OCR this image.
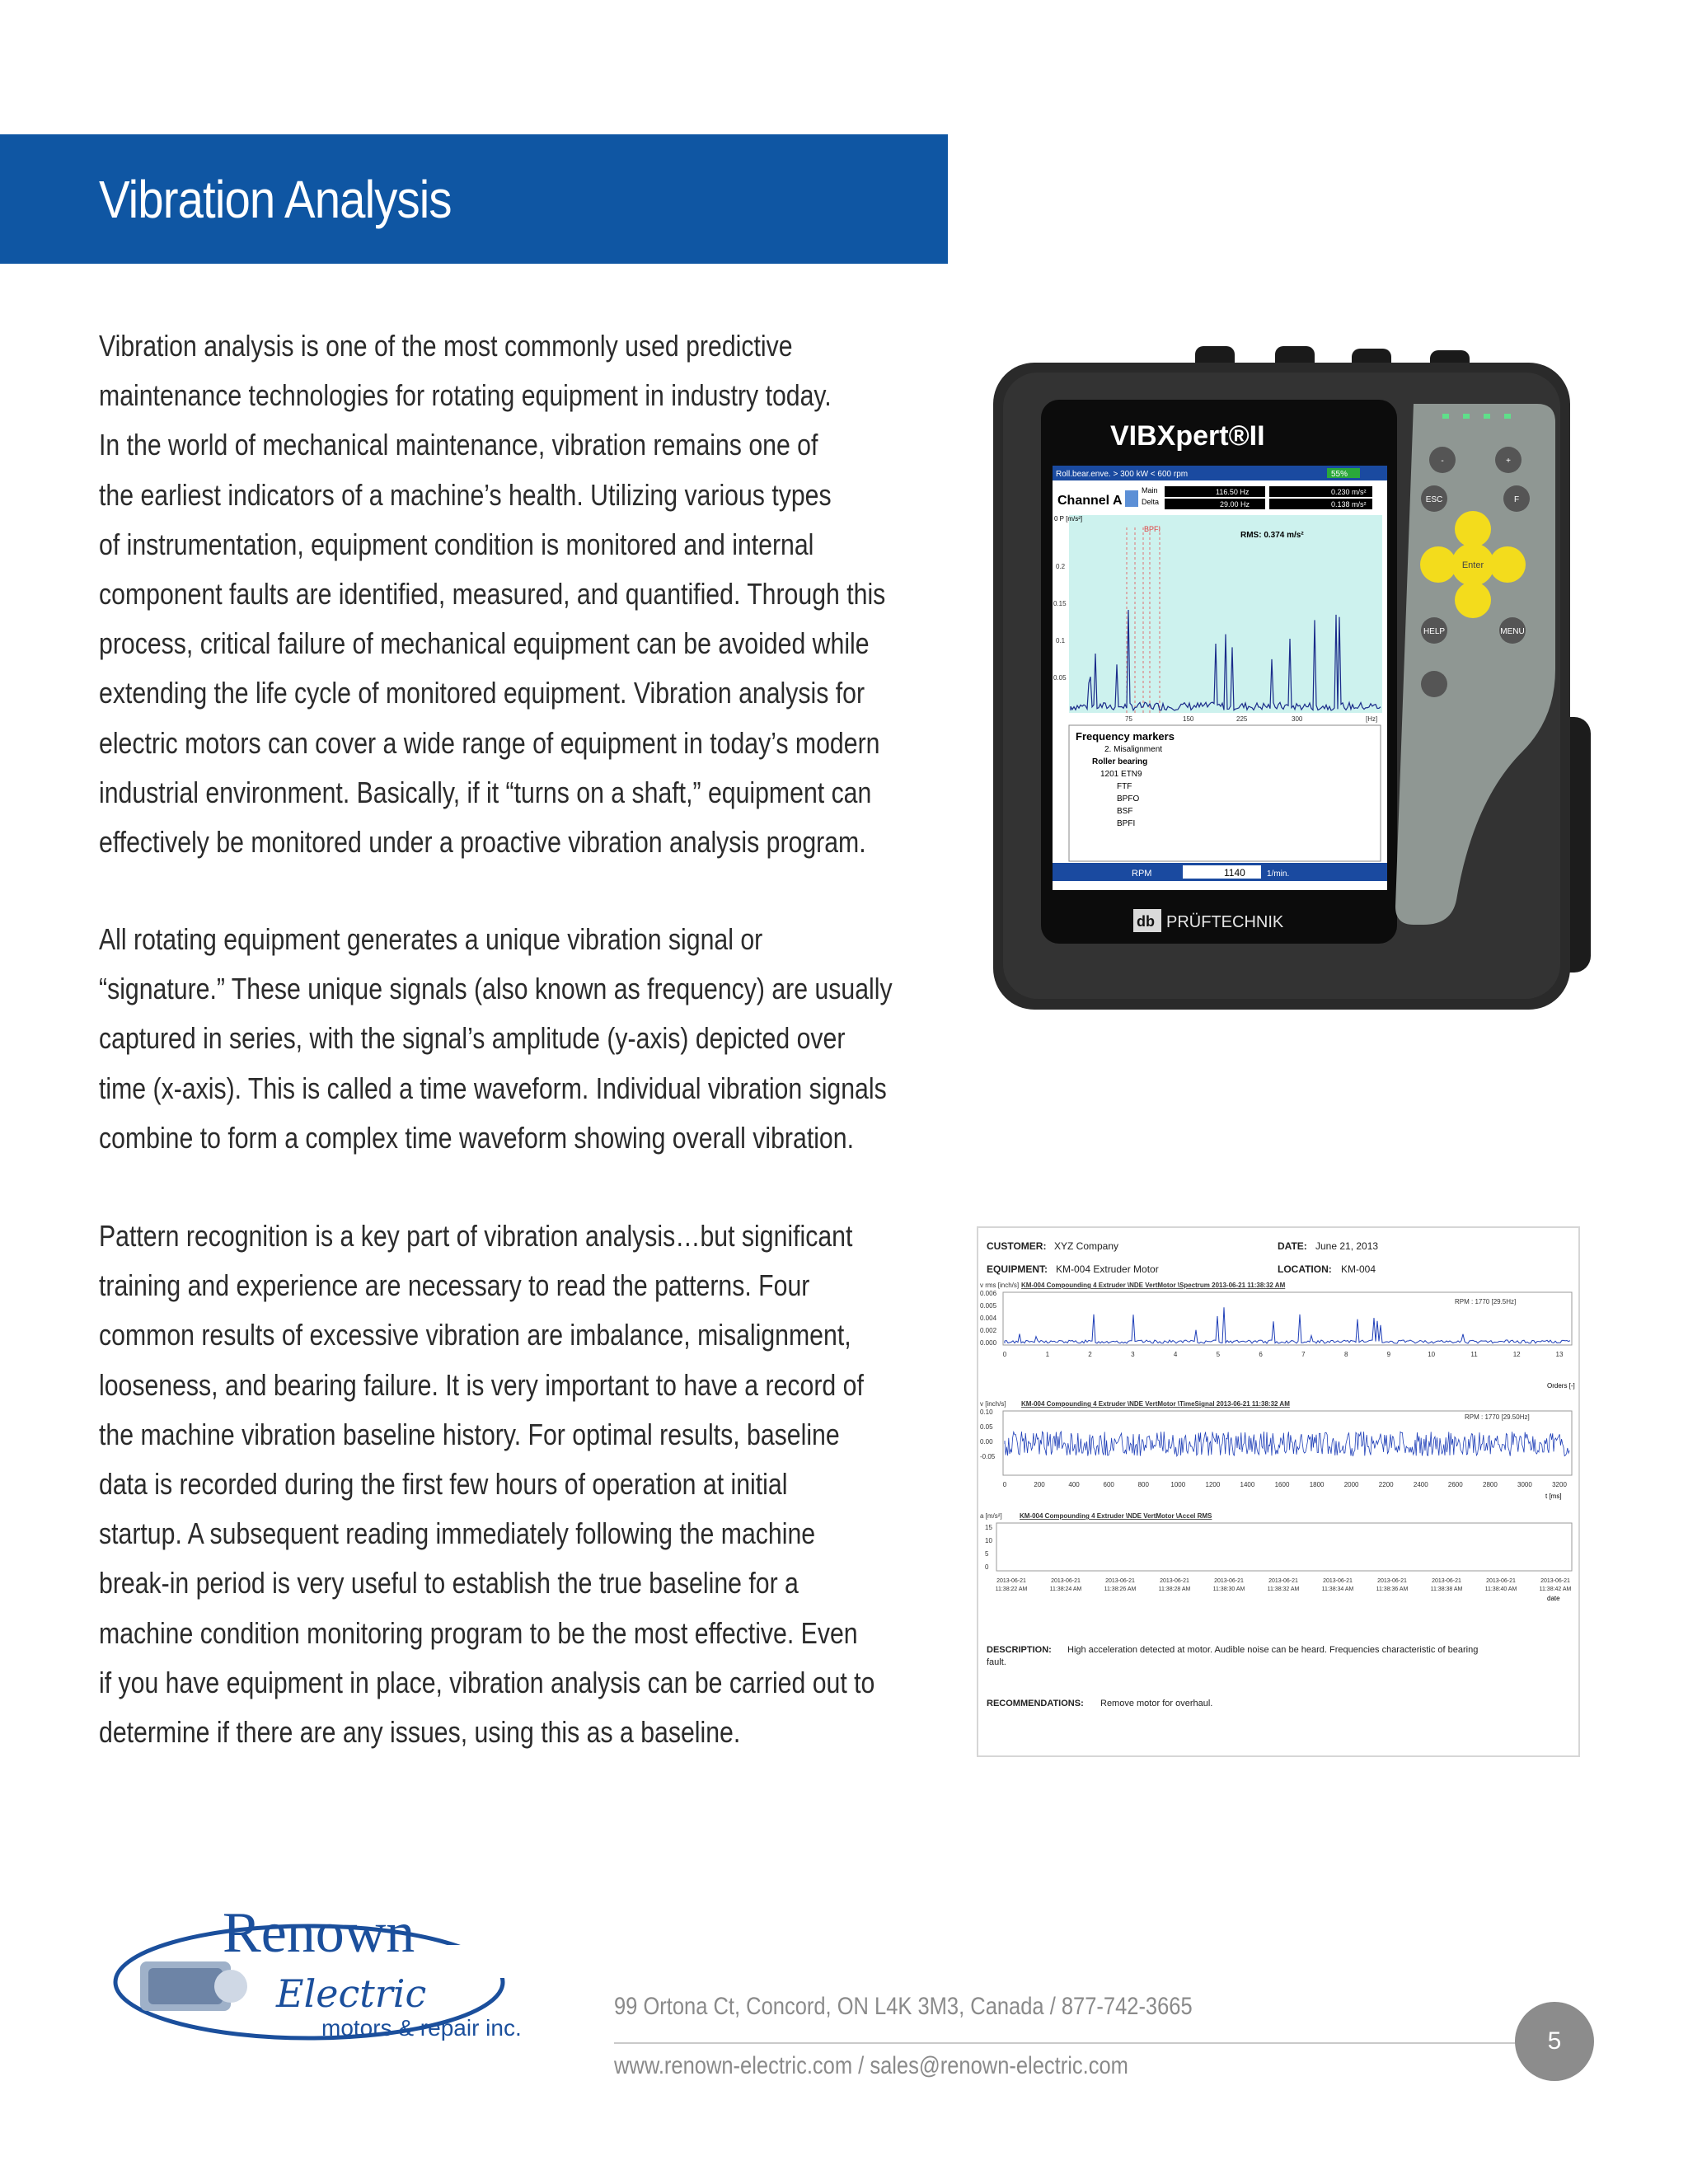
Vibration Analysis

Vibration analysis is one of the most commonly used predictive
maintenance technologies for rotating equipment in industry today.
In the world of mechanical maintenance, vibration remains one of
the earliest indicators of a machine’s health. Utilizing various types
of instrumentation, equipment condition is monitored and internal
component faults are identified, measured, and quantified. Through this
process, critical failure of mechanical equipment can be avoided while
extending the life cycle of monitored equipment. Vibration analysis for
electric motors can cover a wide range of equipment in today’s modern
industrial environment. Basically, if it “turns on a shaft,” equipment can
effectively be monitored under a proactive vibration analysis program.

All rotating equipment generates a unique vibration signal or
“signature.” These unique signals (also known as frequency) are usually
captured in series, with the signal’s amplitude (y-axis) depicted over
time (x-axis). This is called a time waveform. Individual vibration signals
combine to form a complex time waveform showing overall vibration.

Pattern recognition is a key part of vibration analysis…but significant
training and experience are necessary to read the patterns. Four
common results of excessive vibration are imbalance, misalignment,
looseness, and bearing failure. It is very important to have a record of
the machine vibration baseline history. For optimal results, baseline
data is recorded during the first few hours of operation at initial
startup. A subsequent reading immediately following the machine
break-in period is very useful to establish the true baseline for a
machine condition monitoring program to be the most effective. Even
if you have equipment in place, vibration analysis can be carried out to
determine if there are any issues, using this as a baseline.

VIBXpert®II
Roll.bear.enve. > 300 kW < 600 rpm	55%
Channel A
Main
Delta
116.50 Hz
29.00 Hz
0.230 m/s²
0.138 m/s²
0 P [m/s²]
RMS: 0.374 m/s²
BPFI
0.2
0.15
0.1
0.05
75	150	225	300	[Hz]
Frequency markers
2. Misalignment
Roller bearing
1201 ETN9
FTF
BPFO
BSF
BPFI
RPM	1140	1/min.
db PRÜFTECHNIK
-	+
ESC	F
HELP	MENU
Enter
CUSTOMER: XYZ Company	DATE: June 21, 2013
EQUIPMENT: KM-004 Extruder Motor	LOCATION: KM-004
v rms [inch/s] KM-004 Compounding 4 Extruder \NDE VertMotor \Spectrum 2013-06-21 11:38:32 AM
RPM : 1770 [29.5Hz]
0.006
0.005
0.004
0.002
0.000
0	1	2	3	4	5	6	7	8	9	10	11	12	13
Orders [-]
v [inch/s] KM-004 Compounding 4 Extruder \NDE VertMotor \TimeSignal 2013-06-21 11:38:32 AM
RPM : 1770 [29.50Hz]
0.10
0.05
0.00
-0.05
0	200	400	600	800	1000	1200	1400	1600	1800	2000	2200	2400	2600	2800	3000	3200
t [ms]
a [m/s²]	KM-004 Compounding 4 Extruder \NDE VertMotor \Accel RMS
15
10
5
0
2013-06-21	2013-06-21	2013-06-21	2013-06-21	2013-06-21	2013-06-21	2013-06-21	2013-06-21	2013-06-21	2013-06-21	2013-06-21
11:38:22 AM	11:38:24 AM	11:38:26 AM	11:38:28 AM	11:38:30 AM	11:38:32 AM	11:38:34 AM	11:38:36 AM	11:38:38 AM	11:38:40 AM	11:38:42 AM
date
DESCRIPTION: High acceleration detected at motor. Audible noise can be heard. Frequencies characteristic of bearing
fault.
RECOMMENDATIONS: Remove motor for overhaul.
Renown
Electric
motors & repair inc.
99 Ortona Ct, Concord, ON L4K 3M3, Canada / 877-742-3665
www.renown-electric.com / sales@renown-electric.com
5
